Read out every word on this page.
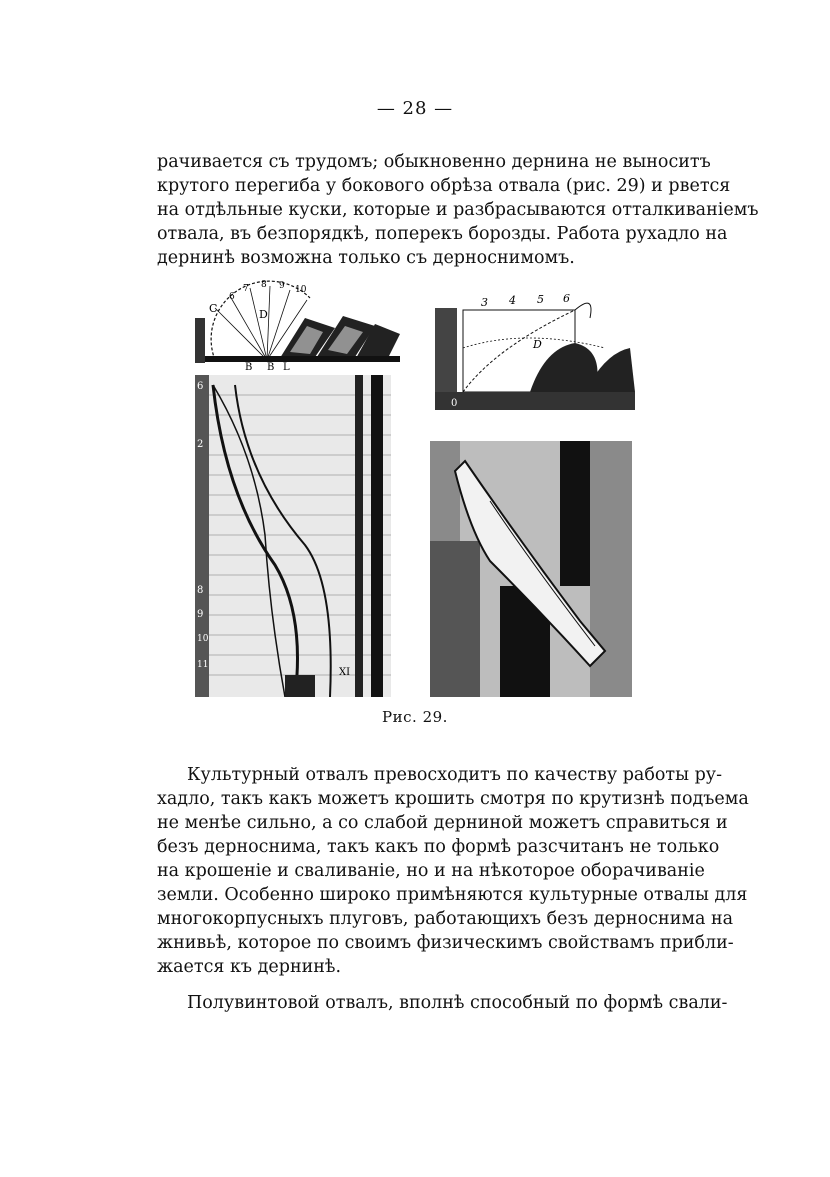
— 28 —
рачивается съ трудомъ; обыкновенно дернина не выноситъ
крутого перегиба у бокового обрѣза отвала (рис. 29) и рвется
на отдѣльные куски, которые и разбрасываются отталкиваніемъ
отвала, въ безпорядкѣ, поперекъ борозды. Работа рухадло на
дернинѣ возможна только съ дерноснимомъ.
C
6
7 8 9 10
D
B B L
3 4 5 6
D
0
6
2
8
9
10
11
XI
Рис. 29.
Культурный отвалъ превосходитъ по качеству работы ру-
хадло, такъ какъ можетъ крошить смотря по крутизнѣ подъема
не менѣе сильно, а со слабой дерниной можетъ справиться и
безъ дерноснима, такъ какъ по формѣ разсчитанъ не только
на крошеніе и сваливаніе, но и на нѣкоторое оборачиваніе
земли. Особенно широко примѣняются культурные отвалы для
многокорпусныхъ плуговъ, работающихъ безъ дерноснима на
жнивьѣ, которое по своимъ физическимъ свойствамъ прибли-
жается къ дернинѣ.
Полувинтовой отвалъ, вполнѣ способный по формѣ свали-
